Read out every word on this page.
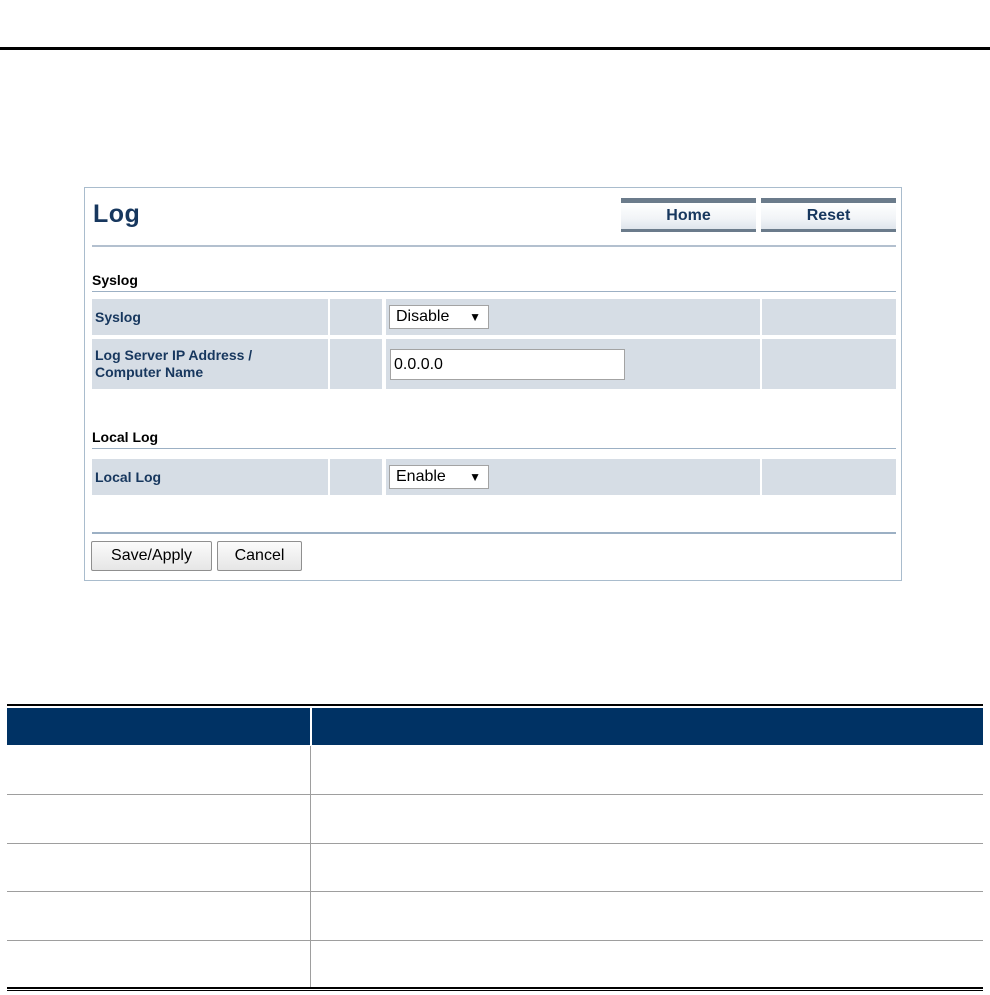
Log	Home	Reset
Syslog
Syslog	Disable ▼
Log Server IP Address /
Computer Name	0.0.0.0
Local Log
Local Log	Enable ▼
Save/Apply	Cancel
